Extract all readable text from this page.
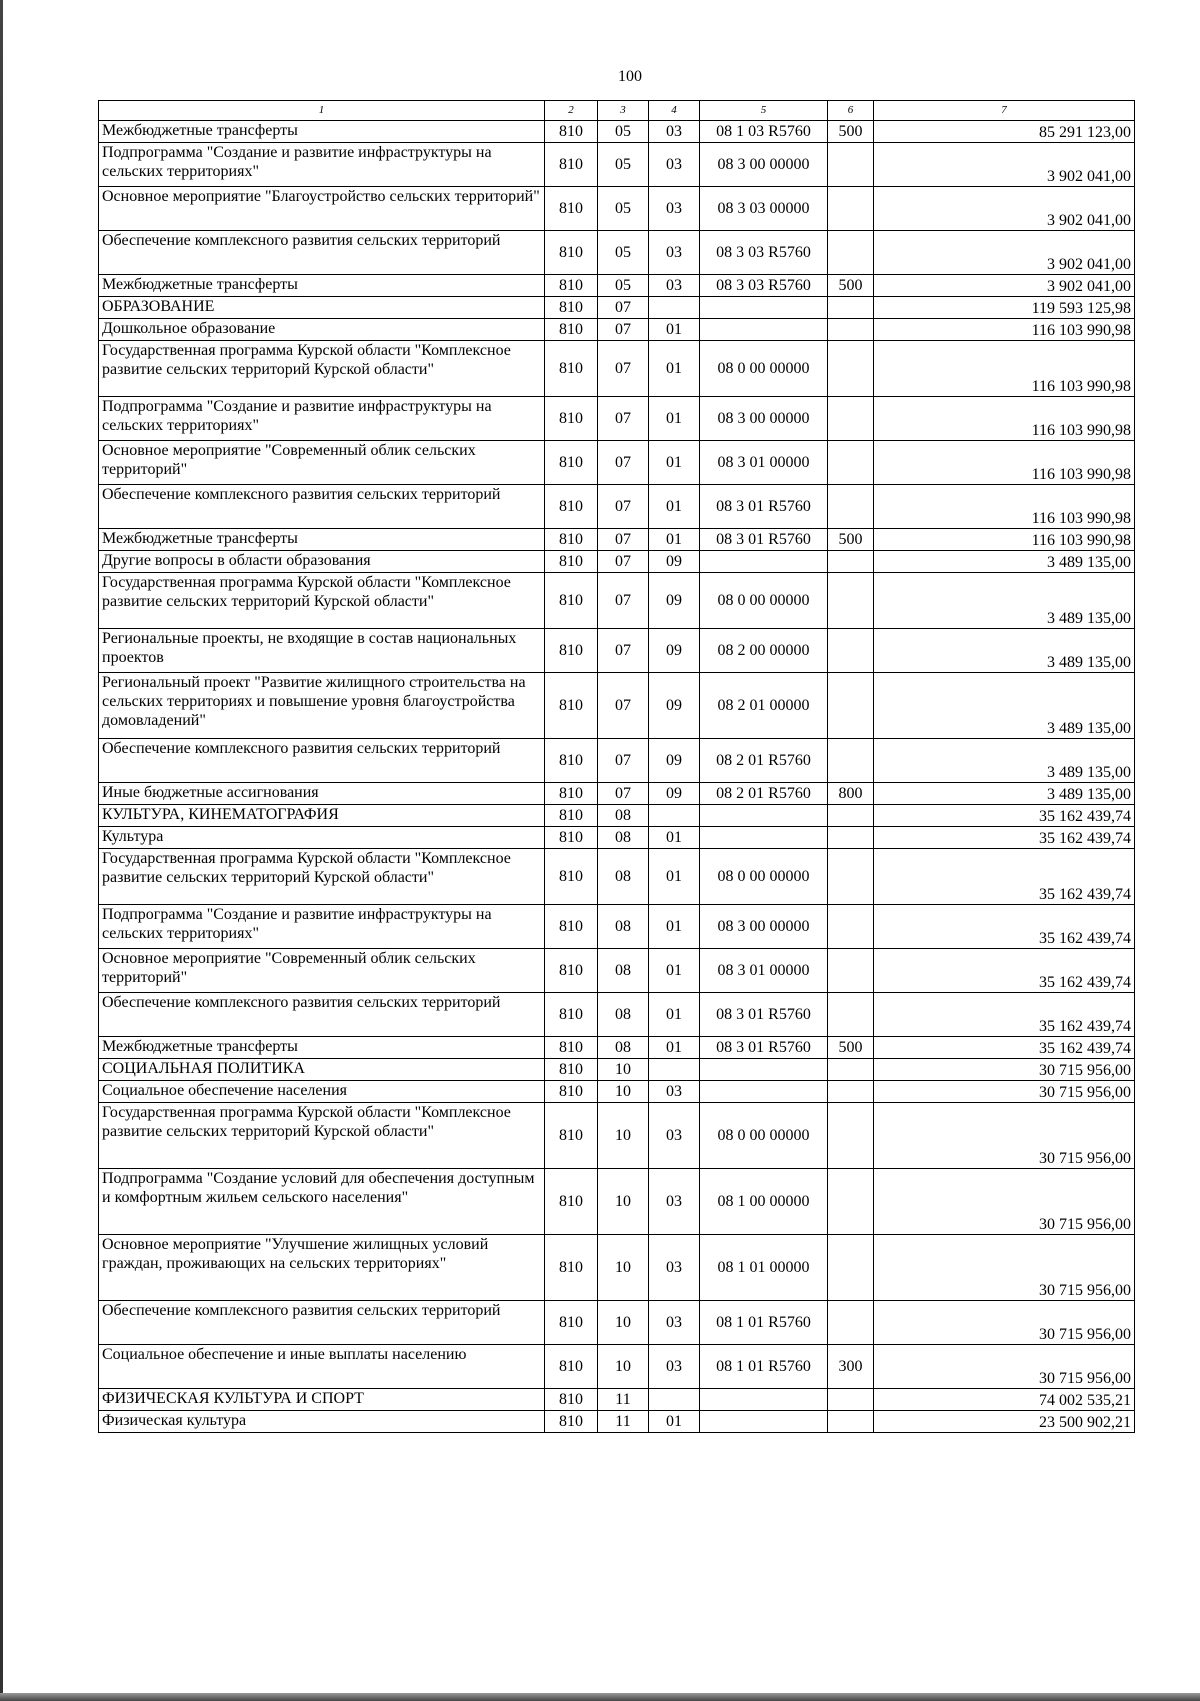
100
1	2	3	4	5	6	7
Межбюджетные трансферты	810	05	03	08 1 03 R5760	500	85 291 123,00
Подпрограмма "Создание и развитие инфраструктуры на сельских территориях"	810	05	03	08 3 00 00000		3 902 041,00
Основное мероприятие "Благоустройство сельских территорий"	810	05	03	08 3 03 00000		3 902 041,00
Обеспечение комплексного развития сельских территорий	810	05	03	08 3 03 R5760		3 902 041,00
Межбюджетные трансферты	810	05	03	08 3 03 R5760	500	3 902 041,00
ОБРАЗОВАНИЕ	810	07				119 593 125,98
Дошкольное образование	810	07	01			116 103 990,98
Государственная программа Курской области "Комплексное развитие сельских территорий Курской области"	810	07	01	08 0 00 00000		116 103 990,98
Подпрограмма "Создание и развитие инфраструктуры на сельских территориях"	810	07	01	08 3 00 00000		116 103 990,98
Основное мероприятие "Современный облик сельских территорий"	810	07	01	08 3 01 00000		116 103 990,98
Обеспечение комплексного развития сельских территорий	810	07	01	08 3 01 R5760		116 103 990,98
Межбюджетные трансферты	810	07	01	08 3 01 R5760	500	116 103 990,98
Другие вопросы в области образования	810	07	09			3 489 135,00
Государственная программа Курской области "Комплексное развитие сельских территорий Курской области"	810	07	09	08 0 00 00000		3 489 135,00
Региональные проекты, не входящие в состав национальных проектов	810	07	09	08 2 00 00000		3 489 135,00
Региональный проект "Развитие жилищного строительства на сельских территориях и повышение уровня благоустройства домовладений"	810	07	09	08 2 01 00000		3 489 135,00
Обеспечение комплексного развития сельских территорий	810	07	09	08 2 01 R5760		3 489 135,00
Иные бюджетные ассигнования	810	07	09	08 2 01 R5760	800	3 489 135,00
КУЛЬТУРА, КИНЕМАТОГРАФИЯ	810	08				35 162 439,74
Культура	810	08	01			35 162 439,74
Государственная программа Курской области "Комплексное развитие сельских территорий Курской области"	810	08	01	08 0 00 00000		35 162 439,74
Подпрограмма "Создание и развитие инфраструктуры на сельских территориях"	810	08	01	08 3 00 00000		35 162 439,74
Основное мероприятие "Современный облик сельских территорий"	810	08	01	08 3 01 00000		35 162 439,74
Обеспечение комплексного развития сельских территорий	810	08	01	08 3 01 R5760		35 162 439,74
Межбюджетные трансферты	810	08	01	08 3 01 R5760	500	35 162 439,74
СОЦИАЛЬНАЯ ПОЛИТИКА	810	10				30 715 956,00
Социальное обеспечение населения	810	10	03			30 715 956,00
Государственная программа Курской области "Комплексное развитие сельских территорий Курской области"	810	10	03	08 0 00 00000		30 715 956,00
Подпрограмма "Создание условий для обеспечения доступным и комфортным жильем сельского населения"	810	10	03	08 1 00 00000		30 715 956,00
Основное мероприятие "Улучшение жилищных условий граждан, проживающих на сельских территориях"	810	10	03	08 1 01 00000		30 715 956,00
Обеспечение комплексного развития сельских территорий	810	10	03	08 1 01 R5760		30 715 956,00
Социальное обеспечение и иные выплаты населению	810	10	03	08 1 01 R5760	300	30 715 956,00
ФИЗИЧЕСКАЯ КУЛЬТУРА И СПОРТ	810	11				74 002 535,21
Физическая культура	810	11	01			23 500 902,21
